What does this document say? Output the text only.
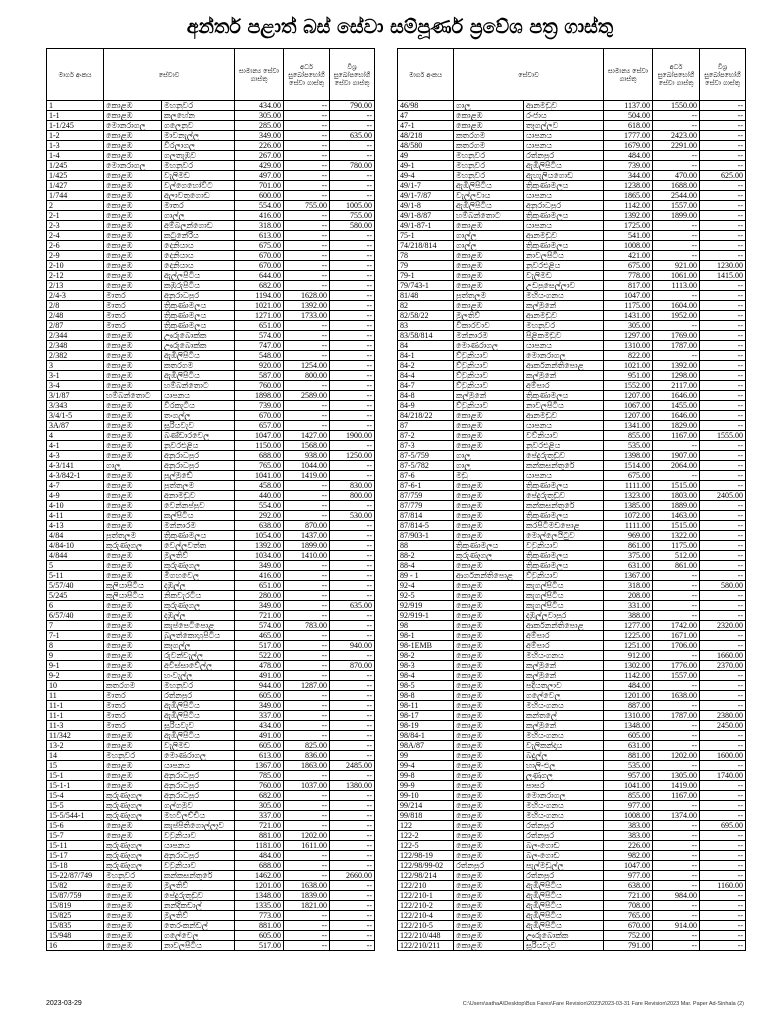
අන්තර් පළාත් බස් සේවා සම්පූර්ණ ප්‍රවේශ පත්‍ර ගාස්තු
මාර්ග අංකය	සේවාව		සාමාන්‍ය සේවා ගාස්තු	අර්ධ සුඛෝපභෝගී සේවා ගාස්තු	විශ්‍ර සුඛෝපභෝගී සේවා ගාස්තු
1	කොළඹ	මහනුවර	434.00	--	790.00
1-1	කොළඹ	කලහේන	305.00	--	--
1-1/245	මොනරාගල	ගලෙනුව	285.00	--	--
1-2	කොළඹ	මාවනැල්ල	349.00	--	635.00
1-3	කොළඹ	විරලාගල	226.00	--	--
1-4	කොළඹ	ගලතැඹුව	267.00	--	--
1/245	මොනරාගල	මහනුවර	429.00	--	780.00
1/425	කොළඹ	වැලිමඩ	497.00	--	--
1/427	කොළඹ	වල්ගෙහෝවිට	701.00	--	--
1/744	කොළඹ	අලාවතුගොඩ	600.00	--	--
2	කොළඹ	මාතර	554.00	755.00	1005.00
2-1	කොළඹ	ගාල්ල	416.00	--	755.00
2-3	කොළඹ	අම්බලන්ගොඩ	318.00	--	580.00
2-4	කොළඹ	කටුනේරිය	613.00	--	--
2-6	කොළඹ	දෙනියාය	675.00	--	--
2-9	කොළඹ	දෙනියාය	670.00	--	--
2-10	කොළඹ	දෙනියාය	670.00	--	--
2-12	කොළඹ	ඇල්ලපිටිය	644.00	--	--
2/13	කොළඹ	කඹුරුපිටිය	682.00	--	--
2/4-3	මාතර	අනුරාධපුර	1194.00	1628.00	--
2/8	මාතර	ත්‍රිකුණාමලය	1021.00	1392.00	--
2/48	මාතර	ත්‍රිකුණාමලය	1271.00	1733.00	--
2/87	මාතර	ත්‍රිකුණාමලය	651.00	--	--
2/344	කොළඹ	ඌරුබොක්ක	574.00	--	--
2/348	කොළඹ	ඌරුබොක්ක	747.00	--	--
2/382	කොළඹ	ඇඹිලිපිටිය	548.00	--	--
3	කොළඹ	කතරගම	920.00	1254.00	--
3-1	කොළඹ	ඇඹිලිපිටිය	587.00	800.00	--
3-4	කොළඹ	හම්බන්තොට	760.00	--	--
3/1/87	හම්බන්තොට	යාපනය	1898.00	2589.00	--
3/343	කොළඹ	වීරකැටිය	739.00	--	--
3/4/1-5	කොළඹ	තංගල්ල	670.00	--	--
3A/87	කොළඹ	සූරියවැව	657.00	--	--
4	කොළඹ	බණ්ඩාරවෙල	1047.00	1427.00	1900.00
4-1	කොළඹ	නුවරඑළිය	1150.00	1568.00	--
4-3	කොළඹ	අනුරාධපුර	688.00	938.00	1250.00
4-3/141	ගාලු	අනුරාධපුර	765.00	1044.00	--
4-3/842-1	කොළඹ	පුල්මුඩේ	1041.00	1419.00	--
4-7	කොළඹ	පුත්තලම	458.00	--	830.00
4-9	කොළඹ	අනාමඩුව	440.00	--	800.00
4-10	කොළඹ	වෙන්නප්පුව	554.00	--	--
4-11	කොළඹ	කල්පිටිය	292.00	--	530.00
4-13	කොළඹ	මන්නාරම	638.00	870.00	--
4/84	පුත්තලම	ත්‍රිකුණාමලය	1054.00	1437.00	--
4/84-10	කුරුණෑගල	වෙල්ලවත්ත	1392.00	1899.00	--
4/844	කොළඹ	මුලතිව්	1034.00	1410.00	--
5	කොළඹ	කුරුණෑගල	349.00	--	--
5-11	කොළඹ	මීගහවෙල	416.00	--	--
5/57/40	කුලියාපිටිය	දඹුල්ල	651.00	--	--
5/245	කුලියාපිටිය	නිකවැරටිය	280.00	--	--
6	කොළඹ	කුරුණෑගල	349.00	--	635.00
6/57/40	කොළඹ	දඹුල්ල	721.00	--	--
7	කොළඹ	කැප්පෙටිපොළ	574.00	783.00	--
7-1	කොළඹ	බුලත්කොහුපිටිය	465.00	--	--
8	කොළඹ	කෑගල්ල	517.00	--	940.00
9	කොළඹ	රුවන්වැල්ල	522.00	--	--
9-1	කොළඹ	අවිස්සාවේල්ල	478.00	--	870.00
9-2	කොළඹ	හංවැල්ල	491.00	--	--
10	කතරගම	මහනුවර	944.00	1287.00	--
11	මාතර	රත්නපුර	605.00	--	--
11-1	මාතර	ඇඹිලිපිටිය	349.00	--	--
11-1	මාතර	ඇඹිලිපිටිය	337.00	--	--
11-3	මාතර	සූරියවැව	434.00	--	--
11/342	කොළඹ	ඇඹිලිපිටිය	491.00	--	--
13-2	කොළඹ	වැලිමඩ	605.00	825.00	--
14	මහනුවර	මොණරාගල	613.00	836.00	--
15	කොළඹ	යාපනය	1367.00	1863.00	2485.00
15-1	කොළඹ	අනුරාධපුර	785.00	--	--
15-1-1	කොළඹ	අනුරාධපුර	760.00	1037.00	1380.00
15-4	කුරුණෑගල	අනුරාධපුර	682.00	--	--
15-5	කුරුණෑගල	ගල්ගමුව	305.00	--	--
15-5/544-1	කුරුණෑගල	මහවිලච්චිය	337.00	--	--
15-6	කොළඹ	කැප්පිතිගොල්ලෑව	721.00	--	--
15-7	කොළඹ	වවුනියාව	881.00	1202.00	--
15-11	කුරුණෑගල	යාපනය	1181.00	1611.00	--
15-17	කුරුණෑගල	අනුරාධපුර	484.00	--	--
15-18	කුරුණෑගල	වවුනියාව	688.00	--	--
15-22/87/749	මහනුවර	කන්කසන්තුරේ	1462.00	--	2660.00
15/82	කොළඹ	මුලතිව්	1201.00	1638.00	--
15/87/759	කොළඹ	පේදුරුතුඩුව	1348.00	1839.00	--
15/819	කොළඹ	නන්දිකඩාල්	1335.00	1821.00	--
15/825	කොළඹ	මුලතිව්	773.00	--	--
15/835	කොළඹ	තෙරංකන්ඩල්	881.00	--	--
15/948	කොළඹ	ගලේවෙල	605.00	--	--
16	කොළඹ	නාවලපිටිය	517.00	--	--
මාර්ග අංකය	සේවාව		සාමාන්‍ය සේවා ගාස්තු	අර්ධ සුඛෝපභෝගී සේවා ගාස්තු	විශ්‍ර සුඛෝපභෝගී සේවා ගාස්තු
46/98	ගාලු	ආනමඩුව	1137.00	1550.00	--
47	කොළඹ	රංජාය	504.00	--	--
47-1	කොළඹ	තෑගල්ලව	618.00	--	--
48/218	කතරගම	යාපනය	1777.00	2423.00	--
48/580	කතරගම	යාපනය	1679.00	2291.00	--
49	මහනුවර	රත්නපුර	484.00	--	--
49-1	මහනුවර	ඇඹිලිපිටිය	739.00	--	--
49-4	මහනුවර	ඇහැලියගොඩ	344.00	470.00	625.00
49/1-7	ඇඹිලිපිටිය	ත්‍රිකුණාමලය	1238.00	1688.00	--
49/1-7/87	වැල්ලවාය	යාපනය	1865.00	2544.00	--
49/1-8	ඇඹිලිපිටිය	අනුරාධපුර	1142.00	1557.00	--
49/1-8/87	හම්බන්තොට	ත්‍රිකුණාමලය	1392.00	1899.00	--
49/1-87-1	කොළඹ	යාපනය	1725.00	--	--
75-1	ගාල්ල	ආනමඩුව	541.00	--	--
74/218/814	ගාල්ල	ත්‍රිකුණාමලය	1008.00	--	--
78	කොළඹ	නාවලපිටිය	421.00	--	--
79	කොළඹ	නුවරඑළිය	675.00	921.00	1230.00
79-1	කොළඹ	වැලිමඩ	778.00	1061.00	1415.00
79/743-1	කොළඹ	උඩපුසෙල්ලාව	817.00	1113.00	--
81/48	පුත්තලම	මහියංගනය	1047.00	--	--
82	කොළඹ	කල්මුනේ	1175.00	1604.00	--
82/58/22	මුලතිව්	ආනමඩුව	1431.00	1952.00	--
83	විකාරවාව	මහනුවර	305.00	--	--
83/58/814	මන්නාරම	පිළිකමඩුව	1297.00	1769.00	--
84	මොණරාගල	යාපනය	1310.00	1787.00	--
84-1	ව්වුනියාව	මොනරාගල	822.00	--	--
84-2	ව්වුනියාව	ආර්කනන්තිපොළ	1021.00	1392.00	--
84-4	ව්වුනියාව	කල්මුනේ	951.00	1298.00	--
84-7	ව්වුනියාව	අම්පාර	1552.00	2117.00	--
84-8	කල්මුනේ	ත්‍රිකුණාමලය	1207.00	1646.00	--
84-9	ව්වුනියාව	නාවලපිටිය	1067.00	1455.00	--
84/218/22	කොළඹ	ආනමඩුව	1207.00	1646.00	--
87	කොළඹ	යාපනය	1341.00	1829.00	--
87-2	කොළඹ	වව්නියාව	855.00	1167.00	1555.00
87-3	කොළඹ	නුවරඑළිය	535.00	--	--
87-5/759	ගාලු	පේදුරුතුඩුව	1398.00	1907.00	--
87-5/782	ගාලු	කන්කසන්තුරේ	1514.00	2064.00	--
87-6	මඩු	යාපනය	675.00	--	--
87-6-1	කොළඹ	ත්‍රිකුණාමලය	1111.00	1515.00	--
87/759	කොළඹ	පේදුරුතුඩුව	1323.00	1803.00	2405.00
87/779	කොළඹ	කන්කසන්තුරේ	1385.00	1889.00	--
87/814	කොළඹ	ත්‍රිකුණාමලය	1072.00	1463.00	--
87/814-5	කොළඹ	කරපිටිමඩපොළ	1111.00	1515.00	--
87/903-1	කොළඹ	මොල්ලෙයිටුව	969.00	1322.00	--
88	ත්‍රිකුණාමලය	වවුනියාව	861.00	1175.00	--
88-2	කුරුණෑගල	ත්‍රිකුණාමලය	375.00	512.00	--
88-4	කොළඹ	ත්‍රිකුණාමලය	631.00	861.00	--
89 - 1	ආර්ගනන්තිපොළ	ව්වුනියාව	1367.00	--	--
92-4	කොළඹ	කැගල්පිටිය	318.00	--	580.00
92-5	කොළඹ	කැගල්පිටිය	208.00	--	--
92/919	කොළඹ	කැගල්පිටිය	331.00	--	--
92/919-1	කොළඹ	දඹුල්ලුවාපුර	388.00	--	--
98	කොළඹ	ආර්කනන්තිපොළ	1277.00	1742.00	2320.00
98-1	කොළඹ	අම්පාර	1225.00	1671.00	--
98-1EMB	කොළඹ	අම්පාර	1251.00	1706.00	--
98-2	කොළඹ	මහියංගනය	912.00	--	1660.00
98-3	කොළඹ	කල්මුනේ	1302.00	1776.00	2370.00
98-4	කොළඹ	කල්මුනේ	1142.00	1557.00	--
98-5	කොළඹ	පදියතලාව	484.00	--	--
98-8	කොළඹ	ගලේවෙල	1201.00	1638.00	--
98-11	කොළඹ	මහියංගනය	887.00	--	--
98-17	කොළඹ	කන්තලේ	1310.00	1787.00	2380.00
98-19	කොළඹ	කල්මුනේ	1348.00	--	2450.00
98/84-1	කොළඹ	මහියංගනය	605.00	--	--
98A/87	කොළඹ	වැලිකන්දාය	631.00	--	--
99	කොළඹ	බදුල්ල	881.00	1202.00	1600.00
99-4	කොළඹ	හාලි-එල	535.00	--	--
99-8	කොළඹ	ලුණුගල	957.00	1305.00	1740.00
99-9	කොළඹ	පාසර	1041.00	1419.00	--
99-10	කොළඹ	මොනරාගල	855.00	1167.00	--
99/214	කොළඹ	මහියංගනය	977.00	--	--
99/818	කොළඹ	මහියංගනය	1008.00	1374.00	--
122	කොළඹ	රත්නපුර	383.00	--	695.00
122-2	කොළඹ	රත්නපුර	383.00	--	--
122-5	කොළඹ	බලංගොඩ	226.00	--	--
122/98-19	කොළඹ	බලංගොඩ	982.00	--	--
122/98/99-02	රත්නපුර	පැල්මඩුල්ල	1047.00	--	--
122/98/214	කොළඹ	රත්නපුර	977.00	--	--
122/210	කොළඹ	ඇඹිලිපිටිය	638.00	--	1160.00
122/210-1	කොළඹ	ඇඹිලිපිටිය	721.00	984.00	--
122/210-2	කොළඹ	ඇඹිලිපිටිය	708.00	--	--
122/210-4	කොළඹ	ඇඹිලිපිටිය	765.00	--	--
122/210-5	කොළඹ	ඇඹිලිපිටිය	670.00	914.00	--
122/210/448	කොළඹ	ඌරුබොක්ක	752.00	--	--
122/210/211	කොළඹ	සූරියවැව	791.00	--	--
2023-03-29	C:\Users\sathaA\Desktop\Bus Fares\Fare Revision\2023\2023-03-31 Fare Revision\2023 Mar. Paper Ad-Sinhala (2)
